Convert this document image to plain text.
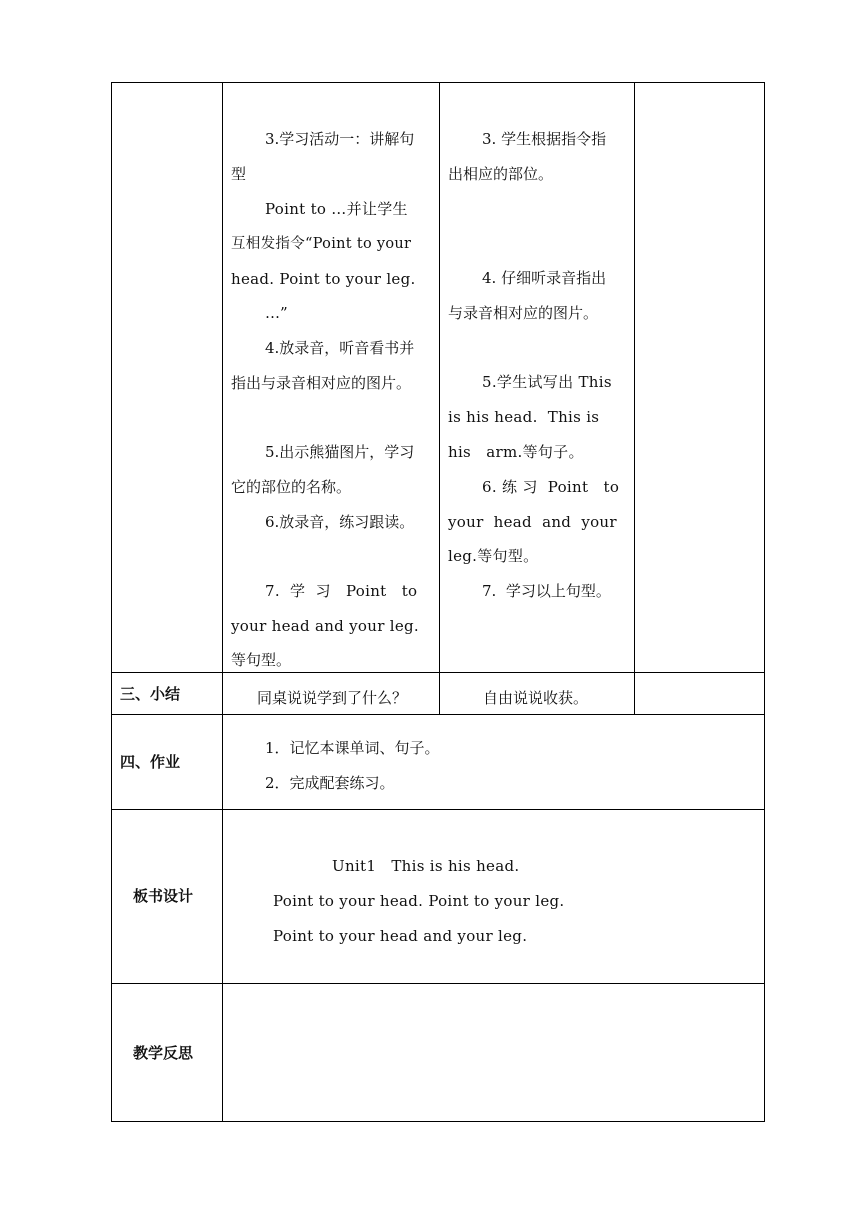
3.学习活动一：讲解句
型
Point to …并让学生
互相发指令“Point to your
head. Point to your leg.
…”
4.放录音，听音看书并
指出与录音相对应的图片。
5.出示熊猫图片，学习
它的部位的名称。
6.放录音，练习跟读。
7.  学  习   Point   to
your head and your leg.
等句型。
3. 学生根据指令指
出相应的部位。
4. 仔细听录音指出
与录音相对应的图片。
5.学生试写出 This
is his head.  This is
his   arm.等句子。
6. 练 习  Point   to
your  head  and  your
leg.等句型。
7.  学习以上句型。
三、小结	同桌说说学到了什么？	自由说说收获。
四、作业
1．记忆本课单词、句子。
2．完成配套练习。
板书设计
Unit1   This is his head.
Point to your head. Point to your leg.
Point to your head and your leg.
教学反思
